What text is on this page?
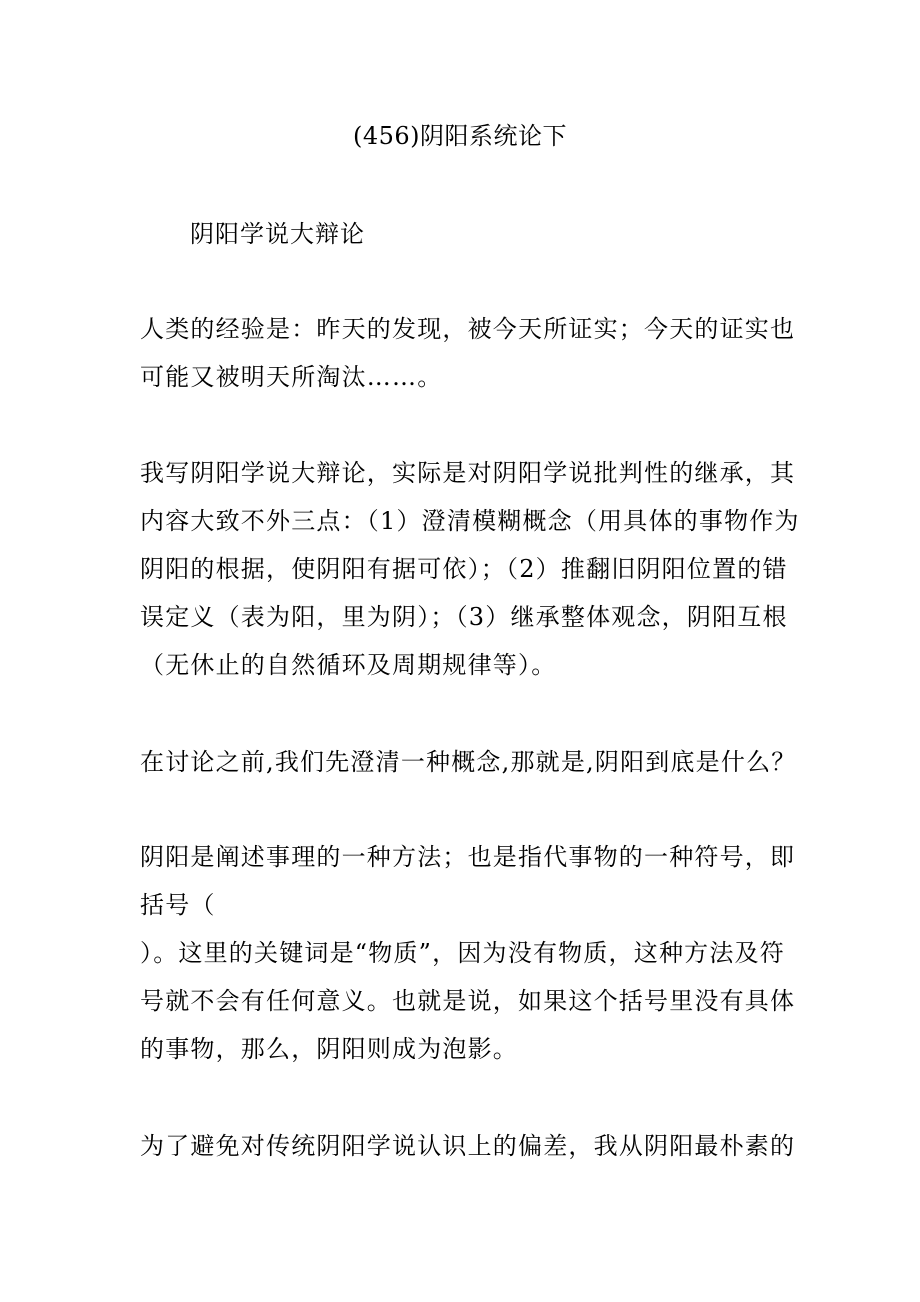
(456)阴阳系统论下
阴阳学说大辩论

人类的经验是：昨天的发现，被今天所证实；今天的证实也
可能又被明天所淘汰……。

我写阴阳学说大辩论，实际是对阴阳学说批判性的继承，其
内容大致不外三点：（1）澄清模糊概念（用具体的事物作为
阴阳的根据，使阴阳有据可依）；（2）推翻旧阴阳位置的错
误定义（表为阳，里为阴）；（3）继承整体观念，阴阳互根
（无休止的自然循环及周期规律等）。

在讨论之前,我们先澄清一种概念,那就是,阴阳到底是什么？

阴阳是阐述事理的一种方法；也是指代事物的一种符号，即
括号（
）。这里的关键词是“物质”，因为没有物质，这种方法及符
号就不会有任何意义。也就是说，如果这个括号里没有具体
的事物，那么，阴阳则成为泡影。

为了避免对传统阴阳学说认识上的偏差，我从阴阳最朴素的
